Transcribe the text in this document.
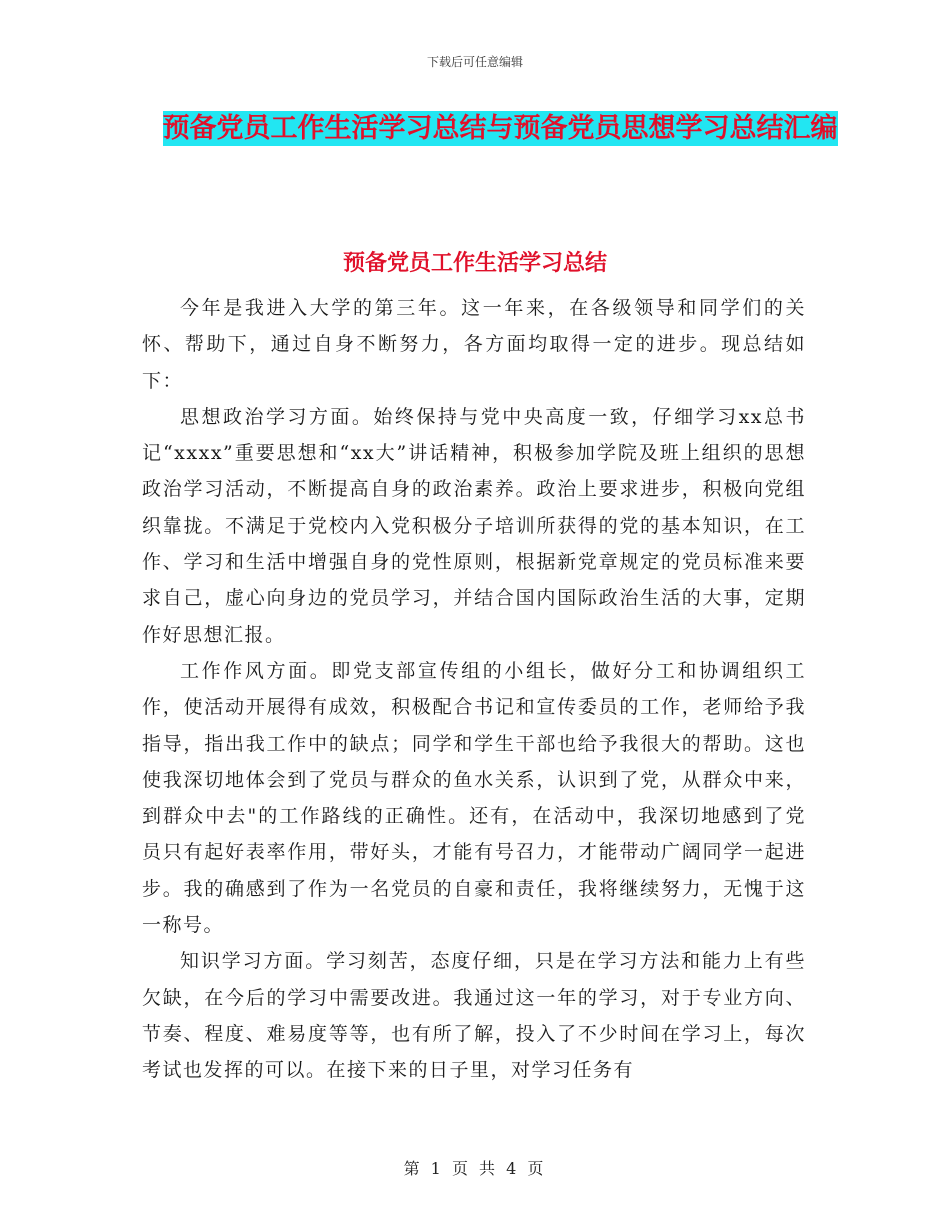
下载后可任意编辑
预备党员工作生活学习总结与预备党员思想学习总结汇编
预备党员工作生活学习总结

今年是我进入大学的第三年。这一年来，在各级领导和同学们的关怀、帮助下，通过自身不断努力，各方面均取得一定的进步。现总结如下：

思想政治学习方面。始终保持与党中央高度一致，仔细学习xx总书记“xxxx”重要思想和“xx大”讲话精神，积极参加学院及班上组织的思想政治学习活动，不断提高自身的政治素养。政治上要求进步，积极向党组织靠拢。不满足于党校内入党积极分子培训所获得的党的基本知识，在工作、学习和生活中增强自身的党性原则，根据新党章规定的党员标准来要求自己，虚心向身边的党员学习，并结合国内国际政治生活的大事，定期作好思想汇报。

工作作风方面。即党支部宣传组的小组长，做好分工和协调组织工作，使活动开展得有成效，积极配合书记和宣传委员的工作，老师给予我指导，指出我工作中的缺点；同学和学生干部也给予我很大的帮助。这也使我深切地体会到了党员与群众的鱼水关系，认识到了党，从群众中来，到群众中去"的工作路线的正确性。还有，在活动中，我深切地感到了党员只有起好表率作用，带好头，才能有号召力，才能带动广阔同学一起进步。我的确感到了作为一名党员的自豪和责任，我将继续努力，无愧于这一称号。

知识学习方面。学习刻苦，态度仔细，只是在学习方法和能力上有些欠缺，在今后的学习中需要改进。我通过这一年的学习，对于专业方向、节奏、程度、难易度等等，也有所了解，投入了不少时间在学习上，每次考试也发挥的可以。在接下来的日子里，对学习任务有

第 1 页 共 4 页
